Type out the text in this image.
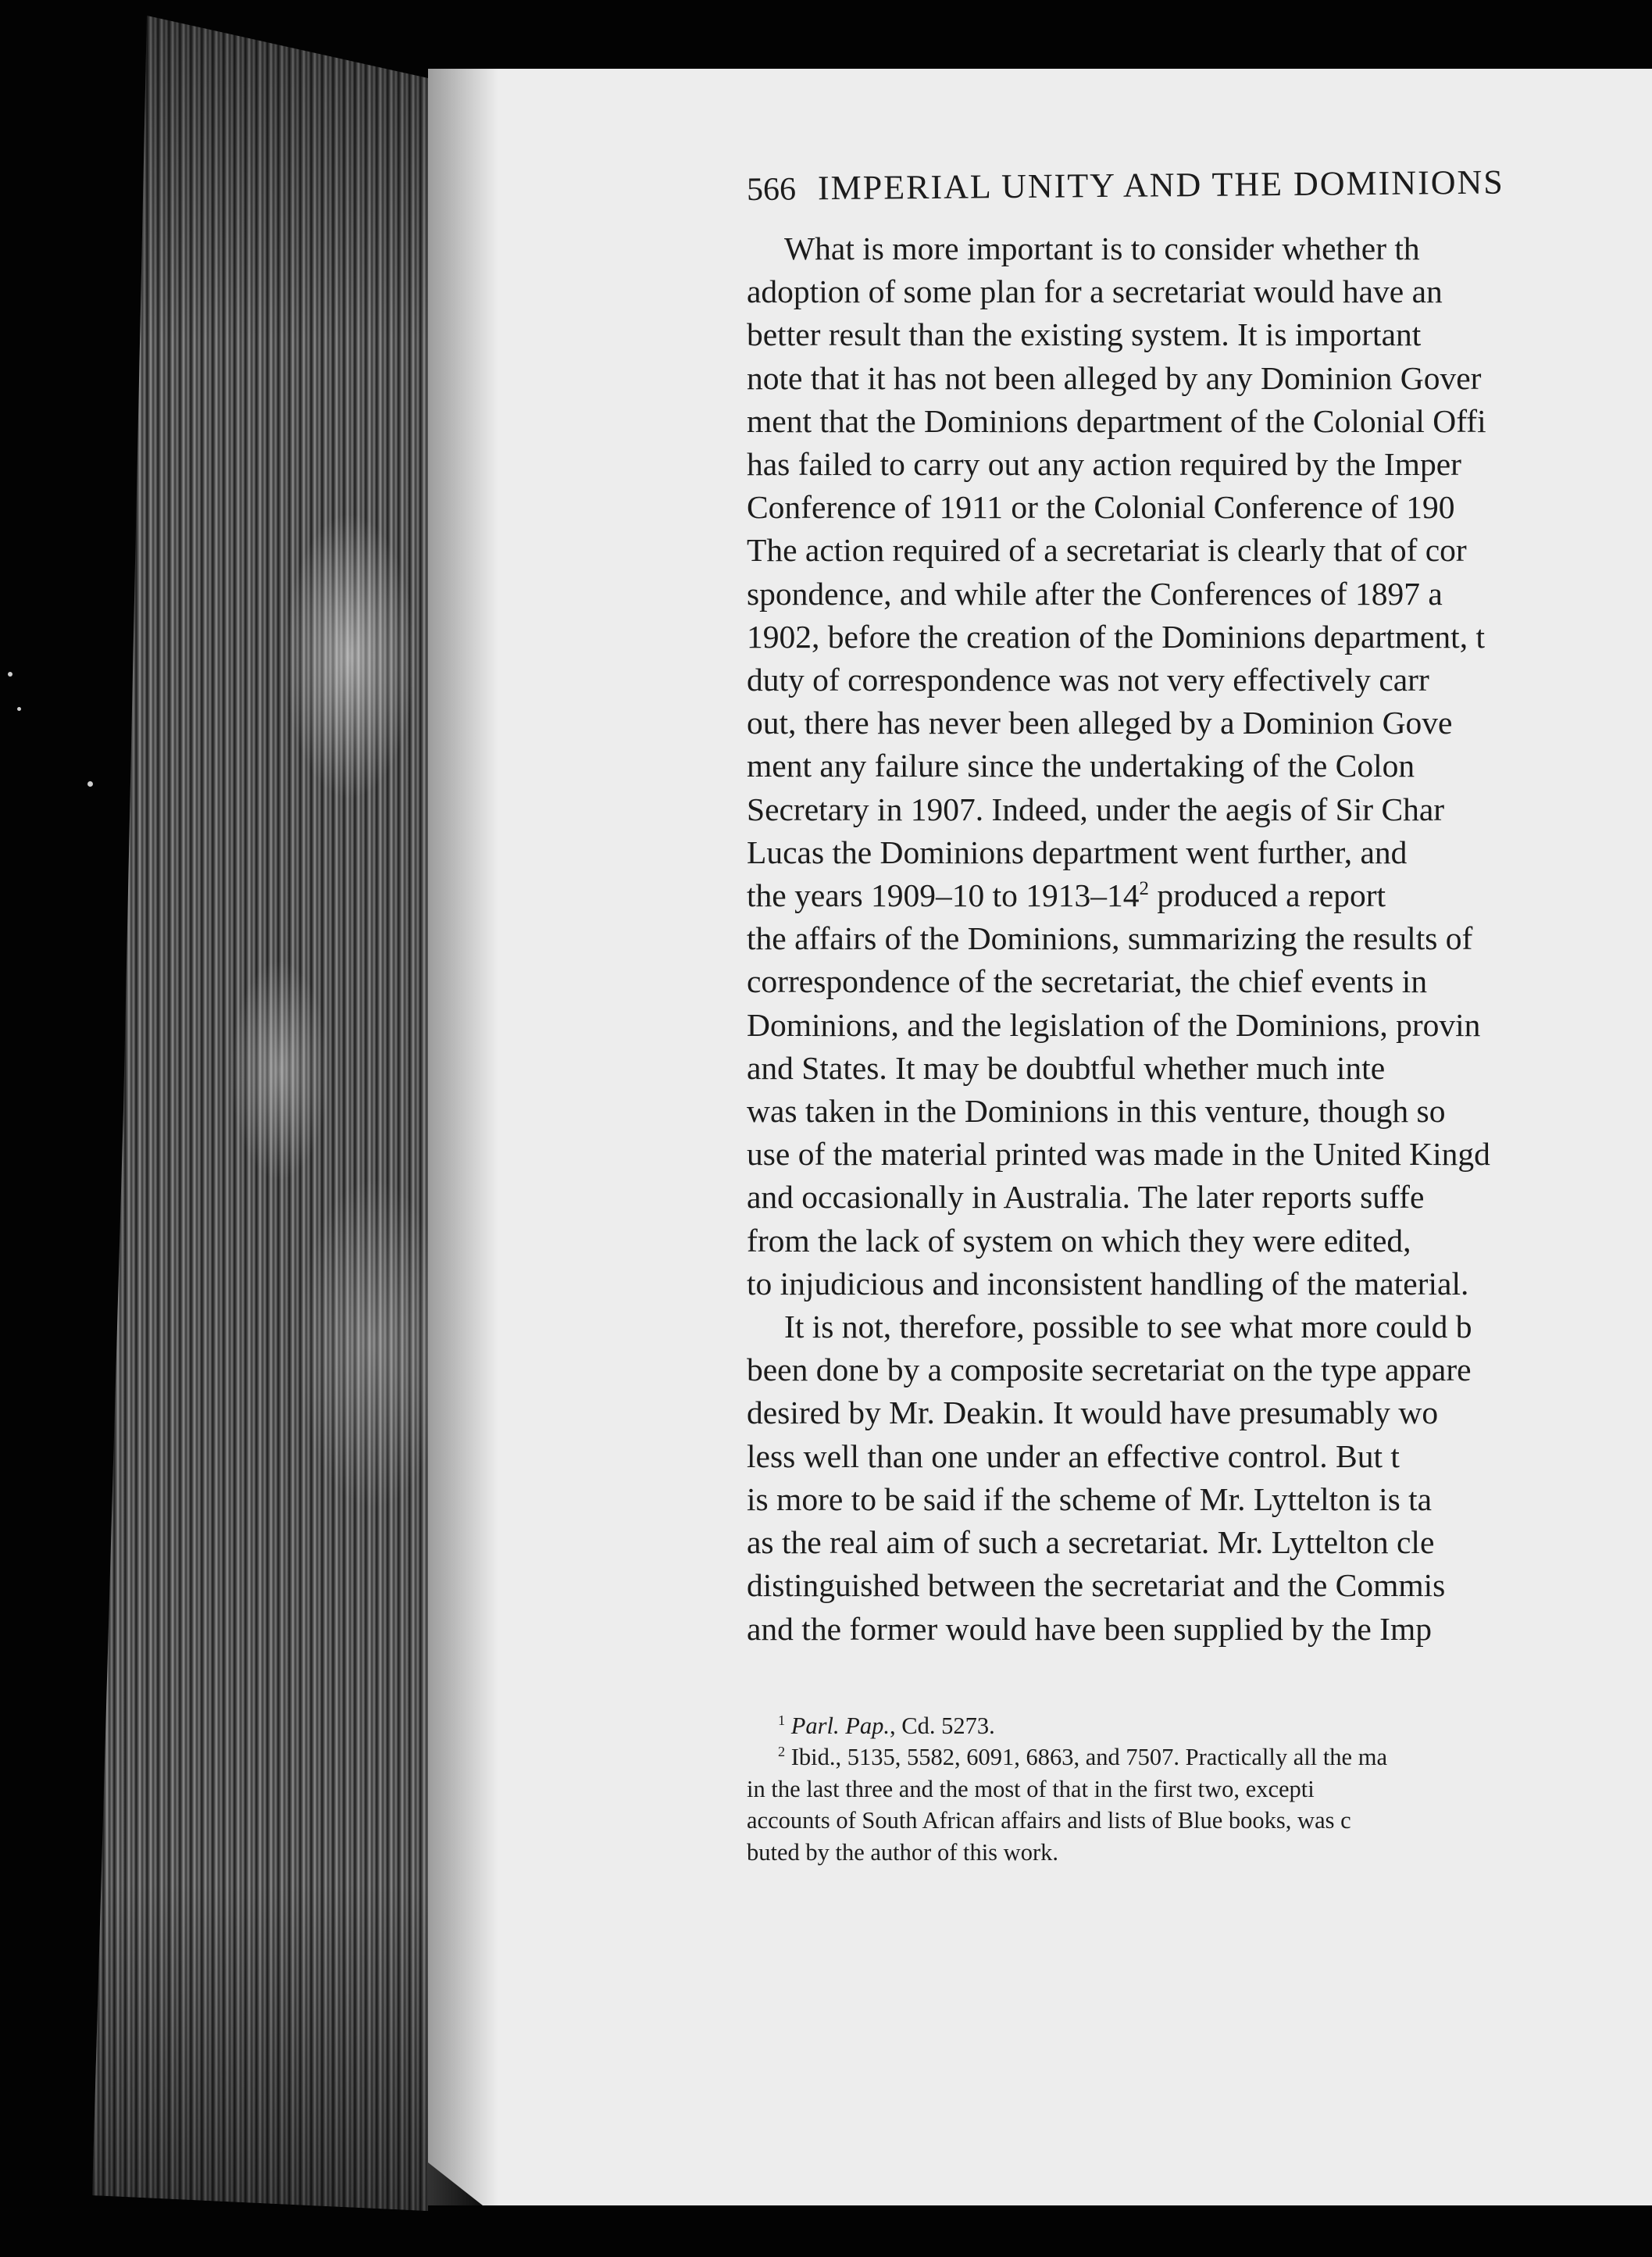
566 IMPERIAL UNITY AND THE DOMINIONS

What is more important is to consider whether th

adoption of some plan for a secretariat would have an

better result than the existing system. It is important

note that it has not been alleged by any Dominion Gover

ment that the Dominions department of the Colonial Offi

has failed to carry out any action required by the Imper

Conference of 1911 or the Colonial Conference of 190

The action required of a secretariat is clearly that of cor

spondence, and while after the Conferences of 1897 a

1902, before the creation of the Dominions department, t

duty of correspondence was not very effectively carr

out, there has never been alleged by a Dominion Gove

ment any failure since the undertaking of the Colon

Secretary in 1907. Indeed, under the aegis of Sir Char

Lucas the Dominions department went further, and

the years 1909–10 to $1913-14^2$ produced a report

the affairs of the Dominions, summarizing the results of

correspondence of the secretariat, the chief events in

Dominions, and the legislation of the Dominions, provin

and States. It may be doubtful whether much inte

was taken in the Dominions in this venture, though so

use of the material printed was made in the United Kingd

and occasionally in Australia. The later reports suffe

from the lack of system on which they were edited,

to injudicious and inconsistent handling of the material.

It is not, therefore, possible to see what more could b

been done by a composite secretariat on the type appare

desired by Mr. Deakin. It would have presumably wo

less well than one under an effective control. But t

is more to be said if the scheme of Mr. Lyttelton is ta

as the real aim of such a secretariat. Mr. Lyttelton cle

distinguished between the secretariat and the Commis

and the former would have been supplied by the Imp

$^1$ Parl. Pap., Cd. 5273.

$^2$ Ibid., 5135, 5582, 6091, 6863, and 7507. Practically all the ma

in the last three and the most of that in the first two, excepti

accounts of South African affairs and lists of Blue books, was c

buted by the author of this work.
